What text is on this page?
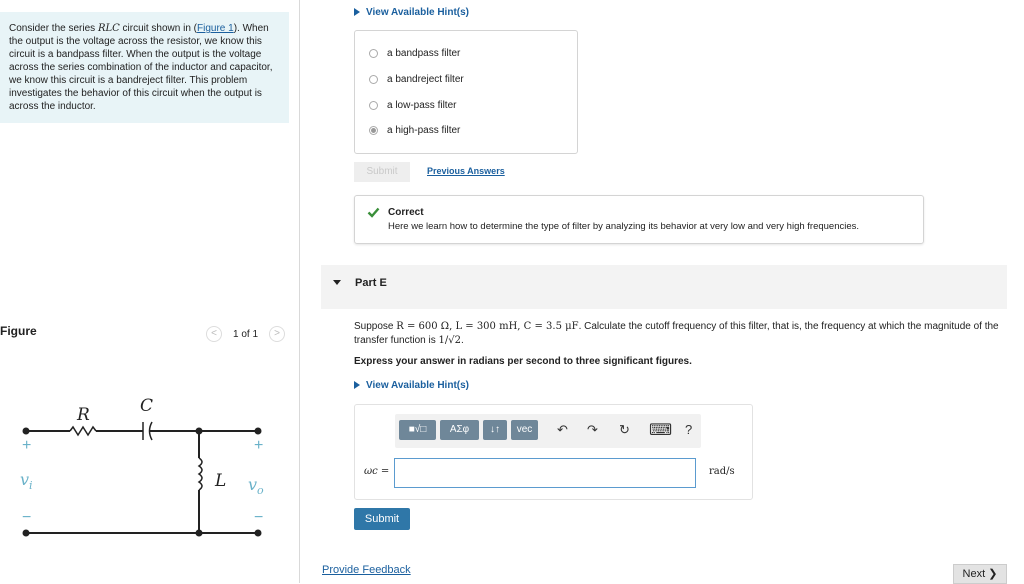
Consider the series RLC circuit shown in (Figure 1). When the output is the voltage across the resistor, we know this circuit is a bandpass filter. When the output is the voltage across the series combination of the inductor and capacitor, we know this circuit is a bandreject filter. This problem investigates the behavior of this circuit when the output is across the inductor.
Figure	<	1 of 1	>
R	C
L
+	+
−	−
$v_i$	$v_o$
View Available Hint(s)
a bandpass filter
a bandreject filter
a low-pass filter
a high-pass filter
Submit	Previous Answers
Correct
Here we learn how to determine the type of filter by analyzing its behavior at very low and very high frequencies.
Part E
Suppose R = 600 Ω, L = 300 mH, C = 3.5 μF. Calculate the cutoff frequency of this filter, that is, the frequency at which the magnitude of the transfer function is 1/√2.
Express your answer in radians per second to three significant figures.
View Available Hint(s)
■√□	ΑΣφ	↓↑	vec	↶ ↷ ↻ ⌨ ?
ωc =	rad/s
Submit
Provide Feedback	Next ❯
